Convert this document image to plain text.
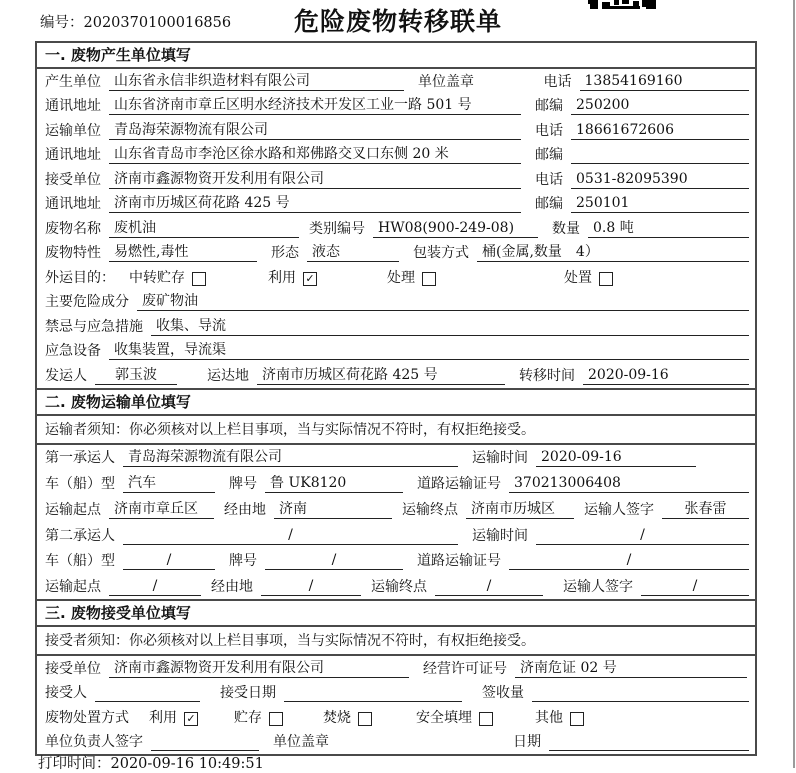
编号：2020370100016856	危险废物转移联单
一. 废物产生单位填写
产生单位 山东省永信非织造材料有限公司	单位盖章	电话 13854169160
通讯地址 山东省济南市章丘区明水经济技术开发区工业一路 501 号	邮编 250200
运输单位 青岛海荣源物流有限公司	电话 18661672606
通讯地址 山东省青岛市李沧区徐水路和郑佛路交叉口东侧 20 米	邮编
接受单位 济南市鑫源物资开发利用有限公司	电话 0531-82095390
通讯地址 济南市历城区荷花路 425 号	邮编 250101
废物名称 废机油	类别编号 HW08(900-249-08)	数量 0.8 吨
废物特性 易燃性,毒性	形态 液态	包装方式 桶(金属,数量　4）
外运目的： 中转贮存	利用 ✓	处理	处置
主要危险成分 废矿物油
禁忌与应急措施 收集、导流
应急设备 收集装置，导流渠
发运人	郭玉波	运达地 济南市历城区荷花路 425 号	转移时间 2020-09-16
二. 废物运输单位填写
运输者须知：你必须核对以上栏目事项，当与实际情况不符时，有权拒绝接受。
第一承运人 青岛海荣源物流有限公司	运输时间 2020-09-16
车（船）型 汽车	牌号 鲁 UK8120	道路运输证号 370213006408
运输起点 济南市章丘区	经由地 济南	运输终点 济南市历城区	运输人签字	张春雷
第二承运人	/	运输时间	/
车（船）型	/	牌号	/	道路运输证号	/
运输起点	/	经由地	/	运输终点	/	运输人签字	/
三. 废物接受单位填写
接受者须知：你必须核对以上栏目事项，当与实际情况不符时，有权拒绝接受。
接受单位 济南市鑫源物资开发利用有限公司	经营许可证号 济南危证 02 号
接受人	接受日期	签收量
废物处置方式 利用 ✓	贮存	焚烧	安全填埋	其他
单位负责人签字	单位盖章	日期
打印时间：2020-09-16 10:49:51
